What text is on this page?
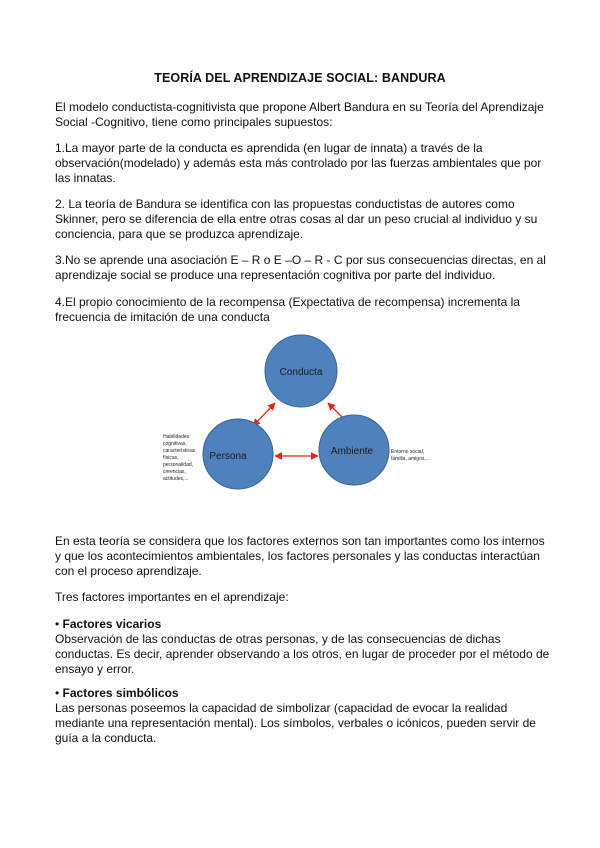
TEORÍA DEL APRENDIZAJE SOCIAL: BANDURA

El modelo conductista-cognitivista que propone Albert Bandura en su Teoría del Aprendizaje Social -Cognitivo, tiene como principales supuestos:

1.La mayor parte de la conducta es aprendida (en lugar de innata) a través de la observación(modelado) y además esta más controlado por las fuerzas ambientales que por las innatas.

2. La teoría de Bandura se identifica con las propuestas conductistas de autores como Skinner, pero se diferencia de ella entre otras cosas al dar un peso crucial al individuo y su conciencia, para que se produzca aprendizaje.

3.No se aprende una asociación E – R o E –O – R - C por sus consecuencias directas, en al aprendizaje social se produce una representación cognitiva por parte del individuo.

4.El propio conocimiento de la recompensa (Expectativa de recompensa) incrementa la frecuencia de imitación de una conducta

Conducta
Persona	Ambiente
Habilidades
cognitivas,
características
físicas,
personalidad,
creencias,
actitudes,...
Entorno social,
familia, amigos,...

En esta teoría se considera que los factores externos son tan importantes como los internos y que los acontecimientos ambientales, los factores personales y las conductas interactúan con el proceso aprendizaje.

Tres factores importantes en el aprendizaje:

• Factores vicarios
Observación de las conductas de otras personas, y de las consecuencias de dichas conductas. Es decir, aprender observando a los otros, en lugar de proceder por el método de ensayo y error.
• Factores simbólicos
Las personas poseemos la capacidad de simbolizar (capacidad de evocar la realidad mediante una representación mental). Los símbolos, verbales o icónicos, pueden servir de guía a la conducta.
